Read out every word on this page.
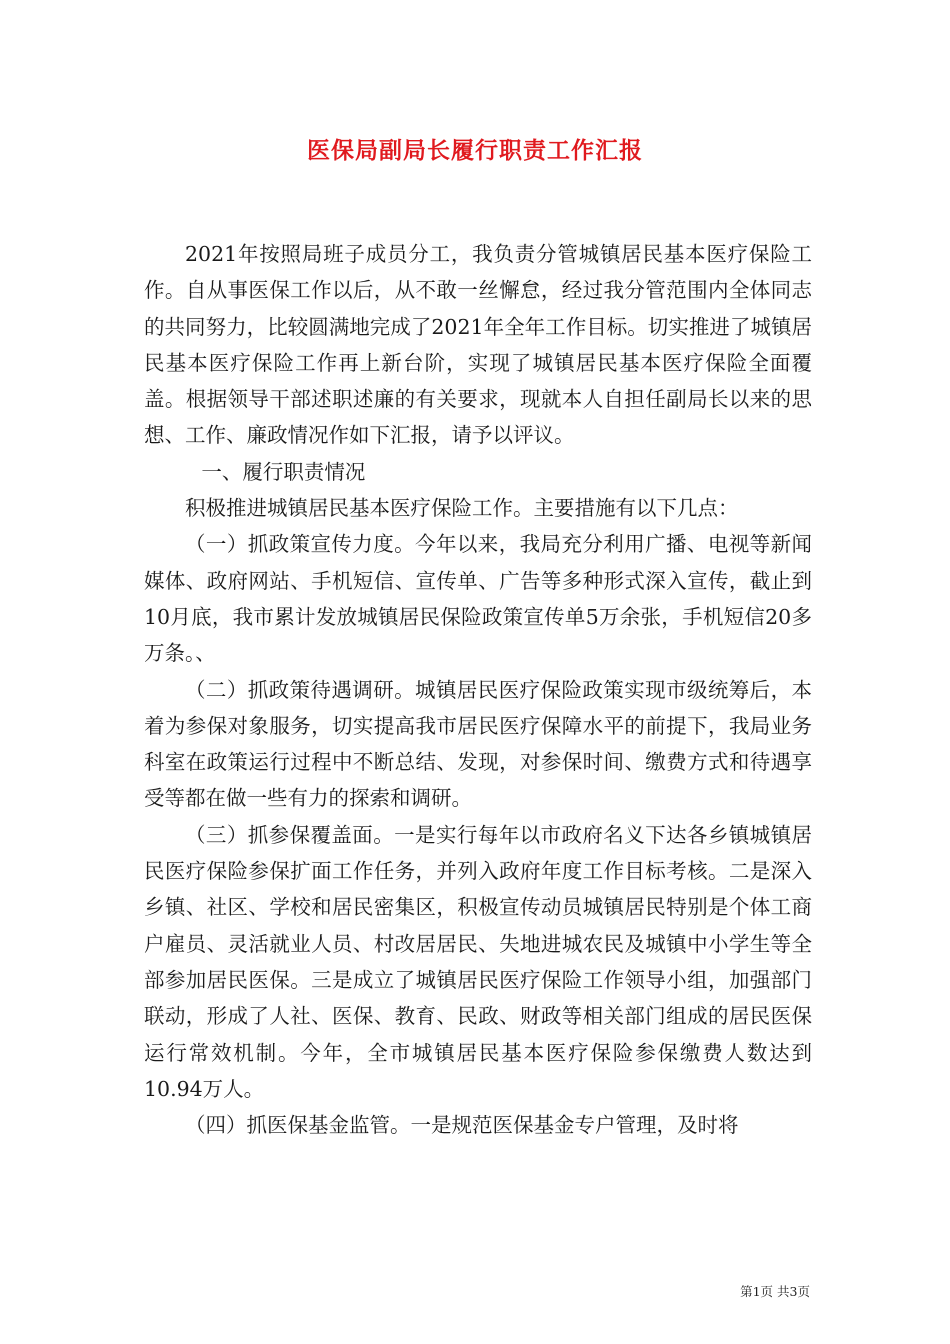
医保局副局长履行职责工作汇报

2021年按照局班子成员分工，我负责分管城镇居民基本医疗保险工作。自从事医保工作以后，从不敢一丝懈怠，经过我分管范围内全体同志的共同努力，比较圆满地完成了2021年全年工作目标。切实推进了城镇居民基本医疗保险工作再上新台阶，实现了城镇居民基本医疗保险全面覆盖。根据领导干部述职述廉的有关要求，现就本人自担任副局长以来的思想、工作、廉政情况作如下汇报，请予以评议。

一、履行职责情况

积极推进城镇居民基本医疗保险工作。主要措施有以下几点：

（一）抓政策宣传力度。今年以来，我局充分利用广播、电视等新闻媒体、政府网站、手机短信、宣传单、广告等多种形式深入宣传，截止到10月底，我市累计发放城镇居民保险政策宣传单5万余张，手机短信20多万条。、

（二）抓政策待遇调研。城镇居民医疗保险政策实现市级统筹后，本着为参保对象服务，切实提高我市居民医疗保障水平的前提下，我局业务科室在政策运行过程中不断总结、发现，对参保时间、缴费方式和待遇享受等都在做一些有力的探索和调研。

（三）抓参保覆盖面。一是实行每年以市政府名义下达各乡镇城镇居民医疗保险参保扩面工作任务，并列入政府年度工作目标考核。二是深入乡镇、社区、学校和居民密集区，积极宣传动员城镇居民特别是个体工商户雇员、灵活就业人员、村改居居民、失地进城农民及城镇中小学生等全部参加居民医保。三是成立了城镇居民医疗保险工作领导小组，加强部门联动，形成了人社、医保、教育、民政、财政等相关部门组成的居民医保运行常效机制。今年，全市城镇居民基本医疗保险参保缴费人数达到10.94万人。

（四）抓医保基金监管。一是规范医保基金专户管理，及时将

第1页 共3页
